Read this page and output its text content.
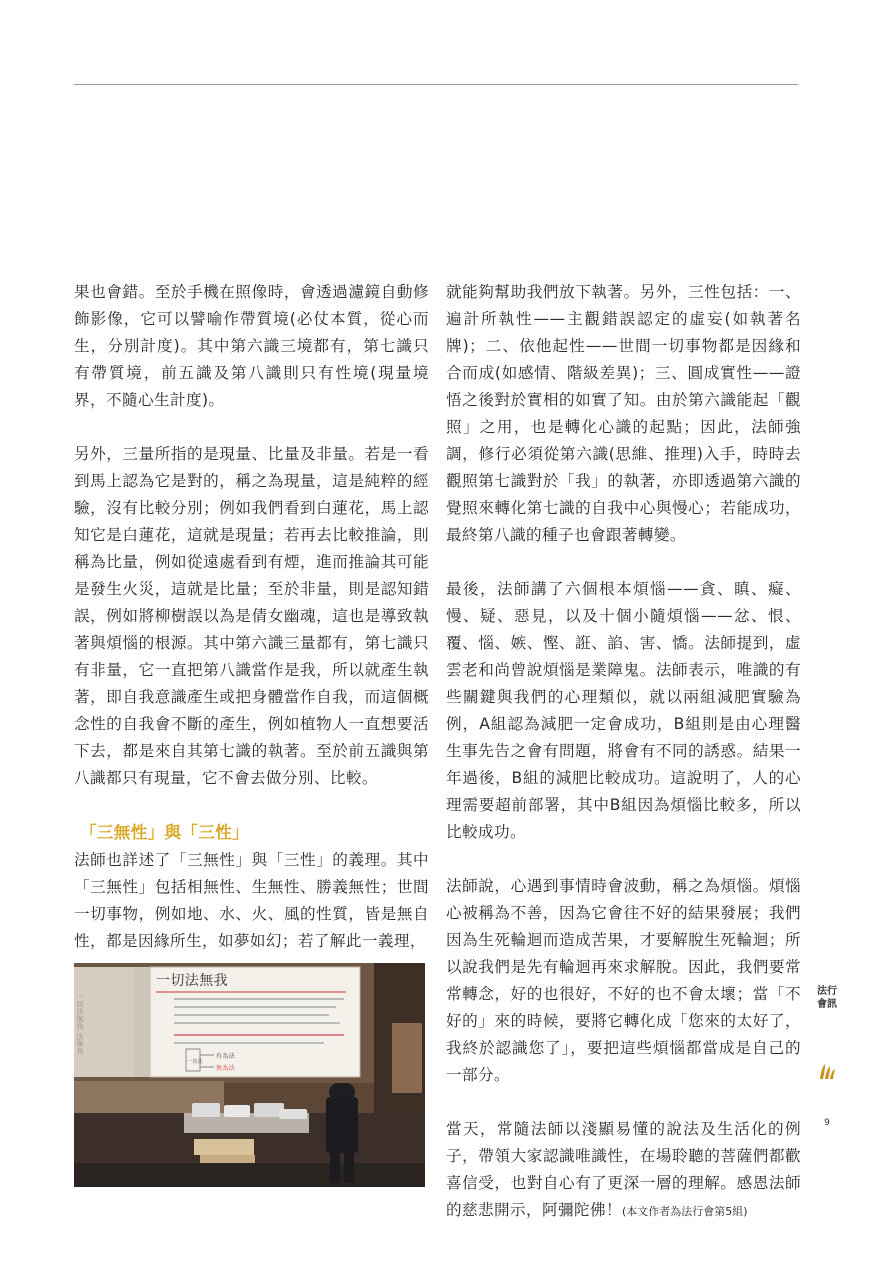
果也會錯。至於手機在照像時，會透過濾鏡自動修飾影像，它可以譬喻作帶質境(必仗本質，從心而生，分別計度)。其中第六識三境都有，第七識只有帶質境，前五識及第八識則只有性境(現量境界，不隨心生計度)。

另外，三量所指的是現量、比量及非量。若是一看到馬上認為它是對的，稱之為現量，這是純粹的經驗，沒有比較分別；例如我們看到白蓮花，馬上認知它是白蓮花，這就是現量；若再去比較推論，則稱為比量，例如從遠處看到有煙，進而推論其可能是發生火災，這就是比量；至於非量，則是認知錯誤，例如將柳樹誤以為是倩女幽魂，這也是導致執著與煩惱的根源。其中第六識三量都有，第七識只有非量，它一直把第八識當作是我，所以就產生執著，即自我意識產生或把身體當作自我，而這個概念性的自我會不斷的產生，例如植物人一直想要活下去，都是來自其第七識的執著。至於前五識與第八識都只有現量，它不會去做分別、比較。

「三無性」與「三性」

法師也詳述了「三無性」與「三性」的義理。其中「三無性」包括相無性、生無性、勝義無性；世間一切事物，例如地、水、火、風的性質，皆是無自性，都是因緣所生，如夢如幻；若了解此一義理，

一切法無我 法無我
一切法無我
一切法
有為法
無為法

就能夠幫助我們放下執著。另外，三性包括：一、遍計所執性——主觀錯誤認定的虛妄(如執著名牌)；二、依他起性——世間一切事物都是因緣和合而成(如感情、階級差異)；三、圓成實性——證悟之後對於實相的如實了知。由於第六識能起「觀照」之用，也是轉化心識的起點；因此，法師強調，修行必須從第六識(思維、推理)入手，時時去觀照第七識對於「我」的執著，亦即透過第六識的覺照來轉化第七識的自我中心與慢心；若能成功，最終第八識的種子也會跟著轉變。

最後，法師講了六個根本煩惱——貪、瞋、癡、慢、疑、惡見，以及十個小隨煩惱——忿、恨、覆、惱、嫉、慳、誑、諂、害、憍。法師提到，虛雲老和尚曾說煩惱是業障鬼。法師表示，唯識的有些關鍵與我們的心理類似，就以兩組減肥實驗為例，A組認為減肥一定會成功，B組則是由心理醫生事先告之會有問題，將會有不同的誘惑。結果一年過後，B組的減肥比較成功。這說明了，人的心理需要超前部署，其中B組因為煩惱比較多，所以比較成功。

法師說，心遇到事情時會波動，稱之為煩惱。煩惱心被稱為不善，因為它會往不好的結果發展；我們因為生死輪迴而造成苦果，才要解脫生死輪迴；所以說我們是先有輪迴再來求解脫。因此，我們要常常轉念，好的也很好，不好的也不會太壞；當「不好的」來的時候，要將它轉化成「您來的太好了，我終於認識您了」，要把這些煩惱都當成是自己的一部分。

當天，常隨法師以淺顯易懂的說法及生活化的例子，帶領大家認識唯識性，在場聆聽的菩薩們都歡喜信受，也對自心有了更深一層的理解。感恩法師的慈悲開示，阿彌陀佛！(本文作者為法行會第5組)

法行會訊
9
